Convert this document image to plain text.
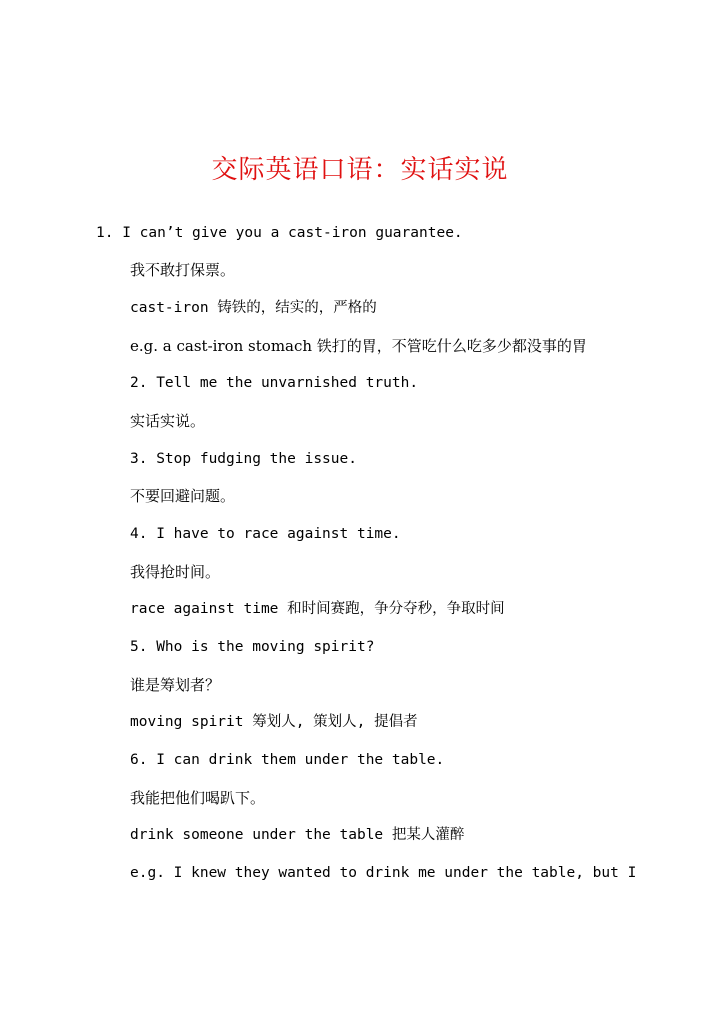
交际英语口语：实话实说
1. I can’t give you a cast-iron guarantee.
我不敢打保票。
cast-iron 铸铁的，结实的，严格的
e.g. a cast-iron stomach 铁打的胃，不管吃什么吃多少都没事的胃
2. Tell me the unvarnished truth.
实话实说。
3. Stop fudging the issue.
不要回避问题。
4. I have to race against time.
我得抢时间。
race against time 和时间赛跑，争分夺秒，争取时间
5. Who is the moving spirit?
谁是筹划者？
moving spirit 筹划人, 策划人, 提倡者
6. I can drink them under the table.
我能把他们喝趴下。
drink someone under the table 把某人灌醉
e.g. I knew they wanted to drink me under the table, but I
